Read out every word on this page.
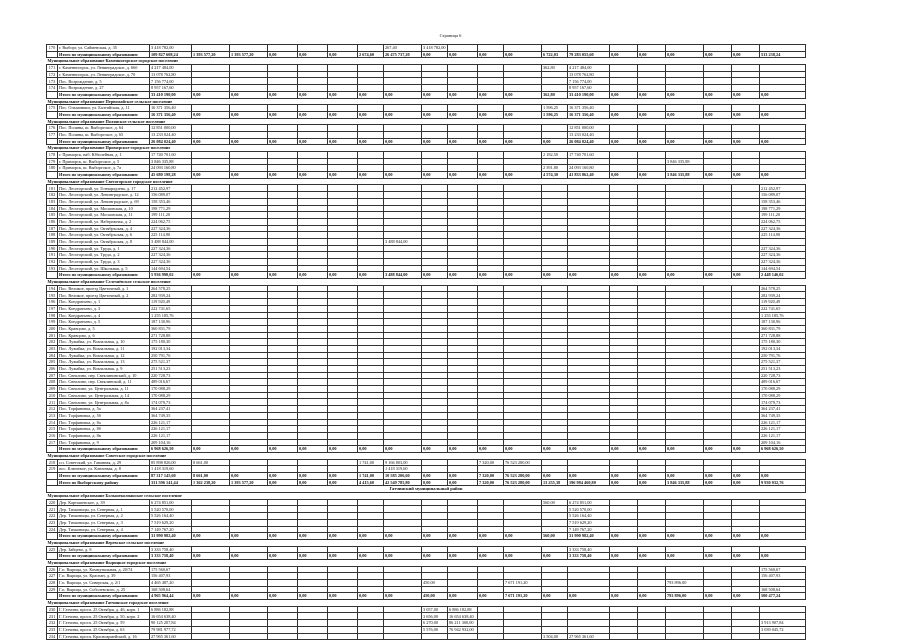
Страница 6
170	г. Выборг, ул. Сайменская, д. 35	3 418 782,00							267,40	3 418 782,00											
	Итого по муниципальному образованию	109 827 608,24	1 393 577,20	1 393 577,20	0,00	0,00	0,00	2 674,60	26 475 737,20	0,00	0,00	0,00	0,00	6 722,03	79 283 055,60	0,00	0,00	0,00	0,00	0,00	513 238,24
Муниципальное образование Каменногорское городское поселение																					
171	г. Каменногорск, ул. Ленинградское, д. 66б	4 217 484,00												362,80	4 217 484,00						
172	г. Каменногорск, ул. Ленинградское, д. 70	13 078 762,80													13 078 762,80						
173	Пос. Возрождение, д. 5	7 156 774,00													7 156 774,00						
174	Пос. Возрождение, д. 27	8 957 167,60													8 957 167,60						
	Итого по муниципальному образованию	33 410 190,00	0,00	0,00	0,00	0,00	0,00	0,00	0,00	0,00	0,00	0,00	0,00	362,80	33 410 190,00	0,00	0,00	0,00	0,00	0,00	0,00
Муниципальное образование Первомайское сельское поселение																					
175	Пос. Ольшаники, ул. Балтийская, д. 11	16 371 356,40												1 596,25	16 371 356,40						
	Итого по муниципальному образованию	16 371 356,40	0,00	0,00	0,00	0,00	0,00	0,00	0,00	0,00	0,00	0,00	0,00	1 596,25	16 371 356,40	0,00	0,00	0,00	0,00	0,00	0,00
Муниципальное образование Полянское сельское поселение																					
176	Пос. Поляны, ш. Выборгское, д. 64	12 851 000,00													12 851 000,00						
177	Пос. Поляны, ш. Выборгское, д. 65	13 233 024,40													13 233 024,40						
	Итого по муниципальному образованию	26 084 024,40	0,00	0,00	0,00	0,00	0,00	0,00	0,00	0,00	0,00	0,00	0,00	0,00	26 084 024,40	0,00	0,00	0,00	0,00	0,00	0,00
Муниципальное образование Приморское городское поселение																					
178	г. Приморск, наб. Юбилейная, д. 1	17 740 701,60												2 182,50	17 740 701,60						
179	г. Приморск, ш. Выборгское, д. 5	3 846 335,88																3 846 335,88			
180	г. Приморск, ш. Выборгское, д. 7а	24 093 160,80												2 391,80	24 093 160,80						
	Итого по муниципальному образованию	45 680 198,28	0,00	0,00	0,00	0,00	0,00	0,00	0,00	0,00	0,00	0,00	0,00	4 574,30	41 833 862,40	0,00	0,00	3 846 335,88	0,00	0,00	0,00
Муниципальное образование Светогорское городское поселение																					
181	Пос. Лесогорский, ул. Гончарадзева, д. 17	212 452,97																			212 452,97
182	Пос. Лесогорский, ул. Ленинградское, д. 12	156 089,07																			156 089,07
183	Пос. Лесогорский, ул. Ленинградское, д. 69	158 353,46																			158 353,46
184	Пос. Лесогорский, ул. Московская, д. 10	198 771,29																			198 771,29
185	Пос. Лесогорский, ул. Московская, д. 11	199 111,20																			199 111,20
186	Пос. Лесогорский, ул. Набережная, д. 2	224 062,75																			224 062,75
187	Пос. Лесогорский, ул. Октябрьская, д. 4	227 324,36																			227 324,36
188	Пос. Лесогорский, ул. Октябрьская, д. 6	225 114,90																			225 114,90
189	Пос. Лесогорский, ул. Октябрьская, д. 8	3 488 844,00							3 488 844,00												
190	Пос. Лесогорский, ул. Труда, д. 1	227 324,36																			227 324,36
191	Пос. Лесогорский, ул. Труда, д. 2	227 324,36																			227 324,36
192	Пос. Лесогорский, ул. Труда, д. 3	227 324,36																			227 324,36
193	Пос. Лесогорский, ул. Школьная, д. 5	144 694,54																			144 694,54
	Итого по муниципальному образованию	5 936 990,02	0,00	0,00	0,00	0,00	0,00	0,00	3 488 844,00	0,00	0,00	0,00	0,00	0,00	0,00	0,00	0,00	0,00	0,00	0,00	2 448 146,02
Муниципальное образование Селезнёвское сельское поселение																					
194	Пос. Великое, проезд Цветочный, д. 1	264 578,25																			264 578,25
195	Пос. Великое, проезд Цветочный, д. 2	282 939,24																			282 939,24
196	Пос. Кондратьево, д. 1	119 920,49																			119 920,49
197	Пос. Кондратьево, д. 3	222 741,65																			222 741,65
198	Пос. Кондратьево, д. 4	1 255 185,76																			1 255 185,76
199	Пос. Кондратьево, д. 5	187 130,96																			187 130,96
200	Пос. Кравцово, д. 5	360 831,79																			360 831,79
201	Пос. Кравцово, д. 6	271 728,88																			271 728,88
202	Пос. Лужайка, ул. Вокзальная, д. 10	175 180,30																			175 180,30
203	Пос. Лужайка, ул. Вокзальная, д. 11	192 013,34																			192 013,34
204	Пос. Лужайка, ул. Вокзальная, д. 12	250 791,76																			250 791,76
205	Пос. Лужайка, ул. Вокзальная, д. 13	275 521,37																			275 521,37
206	Пос. Лужайка, ул. Вокзальная, д. 9	251 513,23																			251 513,23
207	Пос. Свеклино, пер. Свеклининский, д. 10	220 728,73																			220 728,73
208	Пос. Свеклино, пер. Свеклинский, д. 11	489 016,67																			489 016,67
209	Пос. Свеклино, ул. Центральная, д. 11	170 088,29																			170 088,29
210	Пос. Свеклино, ул. Центральная, д. 14	170 088,29																			170 088,29
211	Пос. Свеклино, ул. Центральная, д. 8а	174 079,73																			174 079,73
212	Пос. Торфяновка, д. 5а	364 237,41																			364 237,41
213	Пос. Торфяновка, д. 5б	364 749,35																			364 749,35
214	Пос. Торфяновка, д. 8а	226 121,17																			226 121,17
215	Пос. Торфяновка, д. 8б	226 121,17																			226 121,17
216	Пос. Торфяновка, д. 8в	226 121,17																			226 121,17
217	Пос. Торфяновка, д. 9	209 104,16																			209 104,16
	Итого по муниципальному образованию	6 968 626,50	0,00	0,00	0,00	0,00	0,00	0,00	0,00	0,00	0,00	0,00	0,00	0,00	0,00	0,00	0,00	0,00	0,00	0,00	6 968 626,50
Муниципальное образование Советское городское поселение																					
218	г.п. Советский, ул. Гаванная, д. 29	85 898 826,00	8 661,00					1 741,00	9 166 803,00			7 320,00	76 523 280,00								
219	пос. Ключевое, ул. Ключевая, д. 8	1 418 319,60							1 418 319,60												
	Итого по муниципальному образованию	87 317 145,60	8 661,00	0,00	0,00	0,00	0,00	1 741,00	10 585 206,60	0,00	0,00	7 320,00	76 523 280,00	0,00	0,00	0,00	0,00	0,00	0,00	0,00	0,00
	Итого по Выборгскому району	331 596 141,44	1 362 238,20	1 393 577,20	0,00	0,00	0,00	4 415,60	42 549 785,80	0,00	0,00	7 320,00	76 523 280,00	13 255,38	196 984 460,80	0,00	0,00	3 846 335,88	0,00	0,00	9 930 032,76
Гатчинский муниципальный район																					
Муниципальное образование Большеколпанское сельское поселение																					
220	Дер. Карташевское, д. 39	6 274 851,00												560,00	6 274 851,00						
221	Дер. Тихковицы, ул. Северная, д. 1	5 520 570,00													5 520 570,00						
222	Дер. Тихковицы, ул. Северная, д. 2	5 526 164,40													5 526 164,40						
223	Дер. Тихковицы, ул. Северная, д. 3	7 519 629,20													7 519 629,20						
224	Дер. Тихковицы, ул. Северная, д. 4	7 149 767,20													7 149 767,20						
	Итого по муниципальному образованию	31 990 982,40	0,00	0,00	0,00	0,00	0,00	0,00	0,00	0,00	0,00	0,00	0,00	560,00	31 990 982,40	0,00	0,00	0,00	0,00	0,00	0,00
Муниципальное образование Веревское сельское поселение																					
225	Дер. Зайцево, д. 8	3 333 758,40													3 333 758,40						
	Итого по муниципальному образованию	3 333 758,40	0,00	0,00	0,00	0,00	0,00	0,00	0,00	0,00	0,00	0,00	0,00	0,00	3 333 758,40	0,00	0,00	0,00	0,00	0,00	0,00
Муниципальное образование Вырицкое городское поселение																					
226	Г.п. Вырица, ул. Коммунальная, д. 20/74	175 560,67																			175 560,67
227	Г.п. Вырица, ул. Краснан, д. 39	156 407,93																			156 407,93
228	Г.п. Вырица, ул. Сиверская, д. 2/1	4 465 487,20								450,00			7 671 191,20					793 896,00			
229	Г.п. Вырица, ул. Соболевского, д. 25	168 508,64																			168 508,64
	Итого по муниципальному образованию	4 965 964,44	0,00	0,00	0,00	0,00	0,00	0,00	0,00	450,00	0,00	0,00	7 671 191,20	0,00	0,00	0,00	0,00	793 896,00	0,00	0,00	500 477,24
Муниципальное образование Гатчинское городское поселение																					
230	Г. Гатчина, просп. 25 Октября, д. 46, корп. 1	6 886 182,88								3 057,00	6 886 182,88										
231	Г. Гатчина, просп. 25 Октября, д. 50, корп. 2	16 654 638,40								3 656,00	16 654 638,40										
232	Г. Гатчина, просп. 25 Октября, д. 59	90 125 207,84								6 270,00	86 211 300,00										3 913 907,84
233	Г. Гатчина, просп. 25 Октября, д. 63	79 981 977,72								5 576,00	76 942 932,00										3 039 045,72
234	Г. Гатчина, просп. Красноармейский, д. 16	27 965 361,60												3 504,00	27 965 361,60						
